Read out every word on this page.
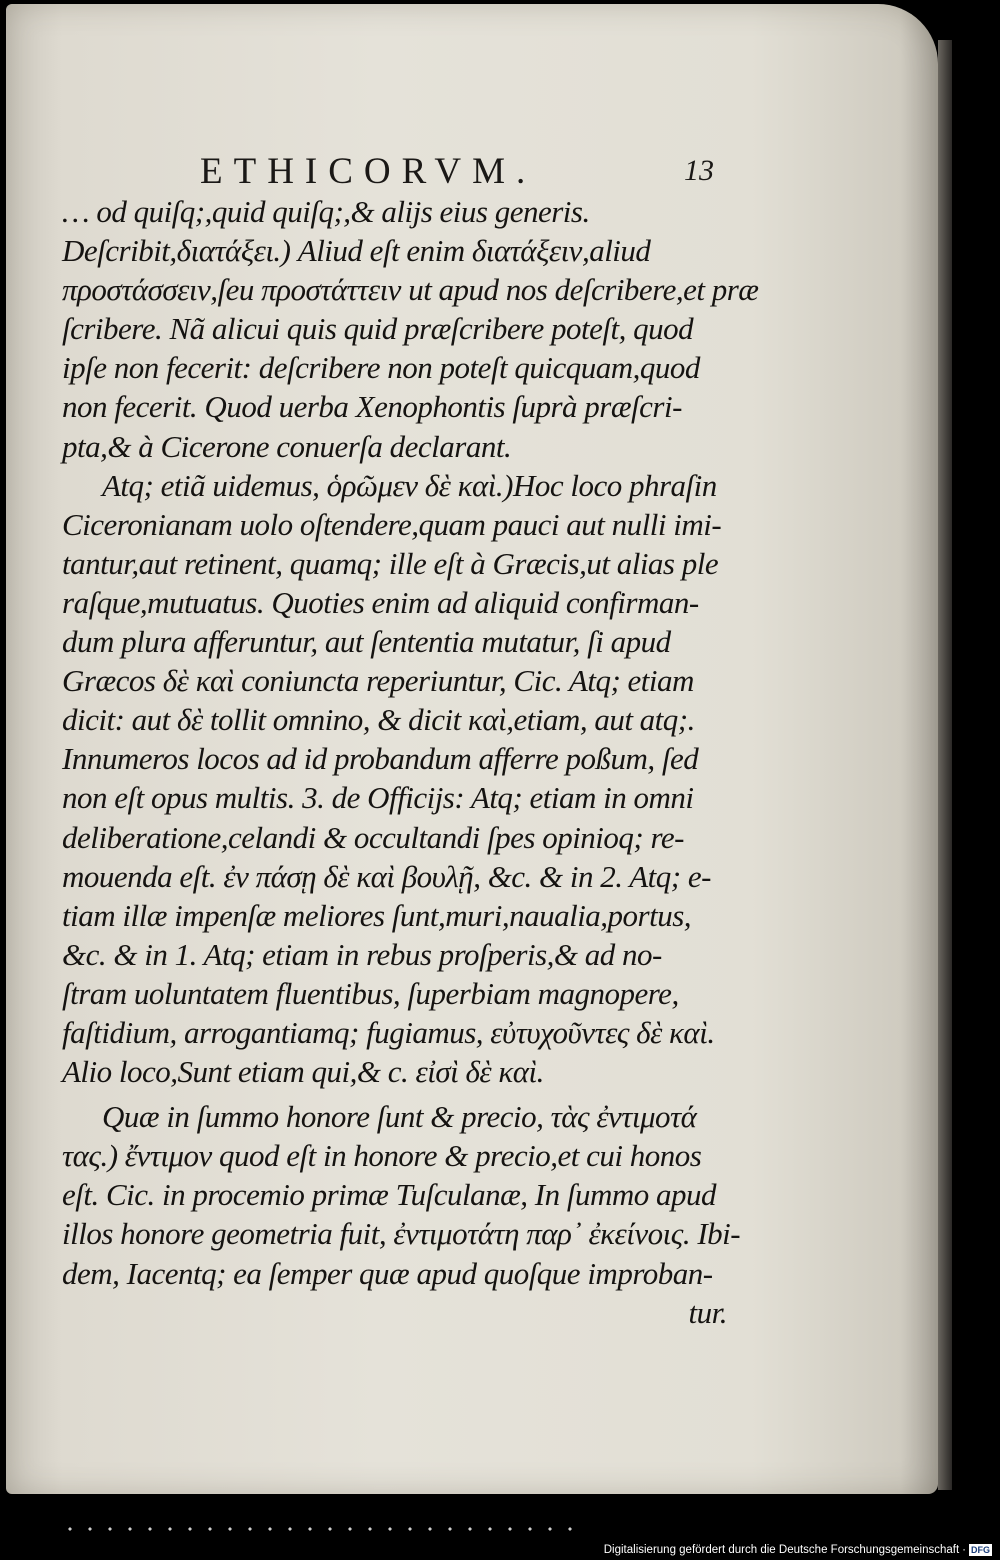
ETHICORVM.	13
… od quiſq;,quid quiſq;,& alijs eius generis.
Deſcribit,διατάξει.) Aliud eſt enim διατάξειν,aliud
προστάσσειν,ſeu προστάττειν ut apud nos deſcribere,et præ
ſcribere. Nã alicui quis quid præſcribere poteſt, quod
ipſe non fecerit: deſcribere non poteſt quicquam,quod
non fecerit. Quod uerba Xenophontis ſuprà præſcri-
pta,& à Cicerone conuerſa declarant.
Atq; etiã uidemus, ὁρῶμεν δὲ καὶ.)Hoc loco phraſin
Ciceronianam uolo oſtendere,quam pauci aut nulli imi-
tantur,aut retinent, quamq; ille eſt à Græcis,ut alias ple
raſque,mutuatus. Quoties enim ad aliquid confirman-
dum plura afferuntur, aut ſententia mutatur, ſi apud
Græcos δὲ καὶ coniuncta reperiuntur, Cic. Atq; etiam
dicit: aut δὲ tollit omnino, & dicit καὶ,etiam, aut atq;.
Innumeros locos ad id probandum afferre poßum, ſed
non eſt opus multis. 3. de Officijs: Atq; etiam in omni
deliberatione,celandi & occultandi ſpes opinioq; re-
mouenda eſt. ἐν πάσῃ δὲ καὶ βουλῇ, &c. & in 2. Atq; e-
tiam illæ impenſæ meliores ſunt,muri,naualia,portus,
&c. & in 1. Atq; etiam in rebus proſperis,& ad no-
ſtram uoluntatem fluentibus, ſuperbiam magnopere,
faſtidium, arrogantiamq; fugiamus, εὐτυχοῦντες δὲ καὶ.
Alio loco,Sunt etiam qui,& c. εἰσὶ δὲ καὶ.
Quæ in ſummo honore ſunt & precio, τὰς ἐντιμοτά
τας.) ἔντιμον quod eſt in honore & precio,et cui honos
eſt. Cic. in procemio primæ Tuſculanæ, In ſummo apud
illos honore geometria fuit, ἐντιμοτάτη παρ᾽ ἐκείνοις. Ibi-
dem, Iacentq; ea ſemper quæ apud quoſque improban-
tur.
Digitalisierung gefördert durch die Deutsche Forschungsgemeinschaft · DFG
